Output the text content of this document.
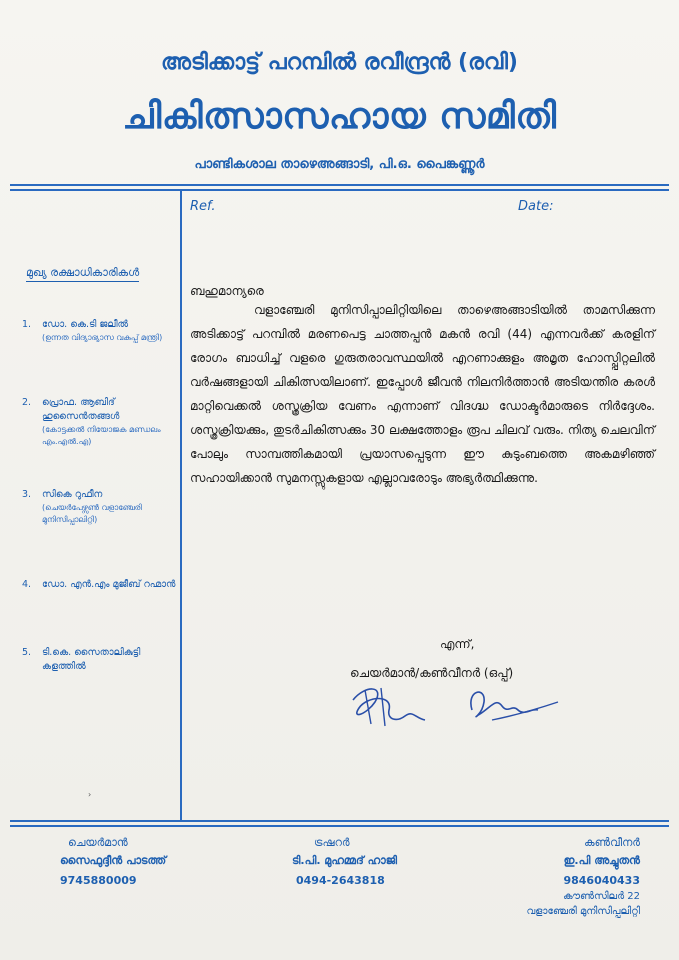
അടിക്കാട്ട് പറമ്പിൽ രവീന്ദ്രൻ (രവി)
ചികിത്സാസഹായ സമിതി
പാണ്ടികശാല താഴെഅങ്ങാടി, പി.ഒ. പൈങ്കണ്ണൂർ
Ref.	Date:
മുഖ്യ രക്ഷാധികാരികൾ
1. ഡോ. കെ.ടി ജലീൽ
(ഉന്നത വിദ്യാഭ്യാസ വകുപ്പ് മന്ത്രി)
2. പ്രൊഫ. ആബിദ് ഹുസൈൻതങ്ങൾ
(കോട്ടക്കൽ നിയോജക മണ്ഡലം എം.എൽ.എ)
3. സികെ റുഫീന
(ചെയർപേഴ്സൺ വളാഞ്ചേരി മുനിസിപ്പാലിറ്റി)
4. ഡോ. എൻ.എം മുജീബ് റഹ്മാൻ
5. ടി.കെ. സൈതാലികുട്ടി കളത്തിൽ
›
ബഹുമാന്യരെ
വളാഞ്ചേരി മുനിസിപ്പാലിറ്റിയിലെ താഴെഅങ്ങാടിയിൽ താമസിക്കുന്ന അടിക്കാട്ട് പറമ്പിൽ മരണപെട്ട ചാത്തപ്പൻ മകൻ രവി (44) എന്നവർക്ക് കരളിന് രോഗം ബാധിച്ച് വളരെ ഗുരുതരാവസ്ഥയിൽ എറണാക്കുളം അമൃത ഹോസ്പ്പിറ്റലിൽ വർഷങ്ങളായി ചികിത്സയിലാണ്. ഇപ്പോൾ ജീവൻ നിലനിർത്താൻ അടിയന്തിര കരൾ മാറ്റിവെക്കൽ ശസ്ത്രക്രിയ വേണം എന്നാണ് വിദഗ്ദ്ധ ഡോക്ടർമാരുടെ നിർദ്ദേശം. ശസ്ത്രക്രിയക്കും, തുടർചികിത്സക്കും 30 ലക്ഷത്തോളം രൂപ ചിലവ് വരും. നിത്യ ചെലവിന് പോലും സാമ്പത്തികമായി പ്രയാസപ്പെടുന്ന ഈ കുടുംബത്തെ അകമഴിഞ്ഞ് സഹായിക്കാൻ സുമനസ്സുകളായ എല്ലാവരോടും അഭ്യർത്ഥിക്കുന്നു.
എന്ന്,
ചെയർമാൻ/കൺവീനർ (ഒപ്പ്)
ചെയർമാൻ
സൈഫുദ്ദീൻ പാടത്ത്
9745880009
ട്രഷറർ
ടി.പി. മുഹമ്മദ് ഹാജി
0494-2643818
കൺവീനർ
ഇ.പി അച്ചുതൻ
9846040433
കൗൺസിലർ 22
വളാഞ്ചേരി മുനിസിപ്പലിറ്റി
